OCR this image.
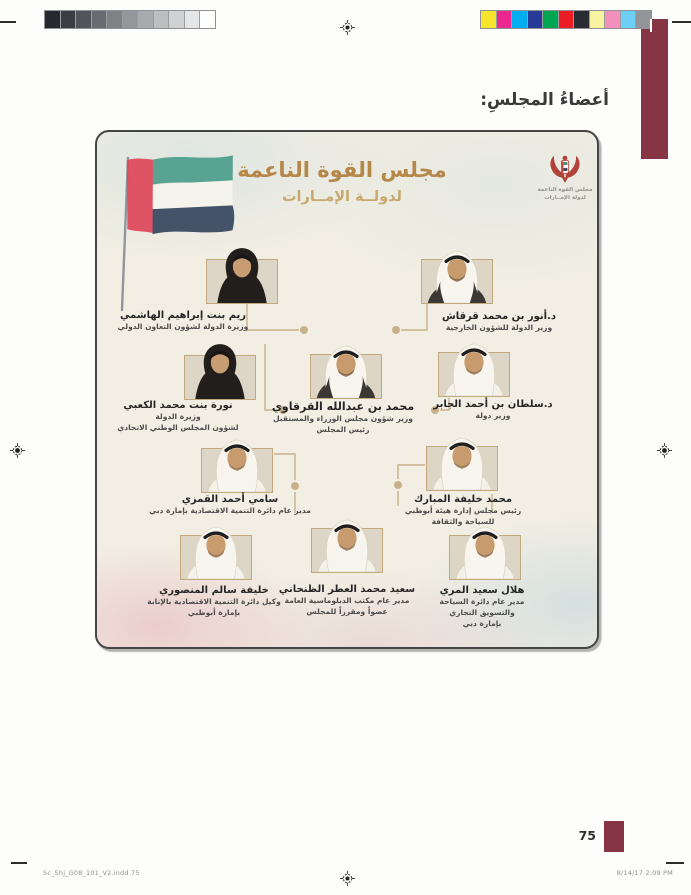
أعضاءُ المجلسِ:
مجلس القوة الناعمة
لدولــة الإمــارات	مجلس القوة الناعمة
لدولة الإمــارات
ريم بنت إبراهيم الهاشمي
وزيرة الدولة لشؤون التعاون الدولي
د.أنور بن محمد قرقاش
وزير الدولة للشؤون الخارجية
نورة بنت محمد الكعبي
وزيرة الدولة
لشؤون المجلس الوطني الاتحادي
محمد بن عبدالله القرقاوي
وزير شؤون مجلس الوزراء والمستقبل
رئيس المجلس
د.سلطان بن أحمد الجابر
وزير دولة
سامي أحمد القمزي
مدير عام دائرة التنمية الاقتصادية بإمارة دبي
محمد خليفة المبارك
رئيس مجلس إدارة هيئة أبوظبي
للسياحة والثقافة
خليفة سالم المنصوري
وكيل دائرة التنمية الاقتصادية بالإنابة
بإمارة أبوظبي
سعيد محمد العطر الظنحاني
مدير عام مكتب الدبلوماسية العامة
عضواً ومقرراً للمجلس
هلال سعيد المري
مدير عام دائرة السياحة
والتسويق التجاري
بإمارة دبي
75
Sc_Shj_G08_101_V2.indd 75	8/14/17 2:09 PM
